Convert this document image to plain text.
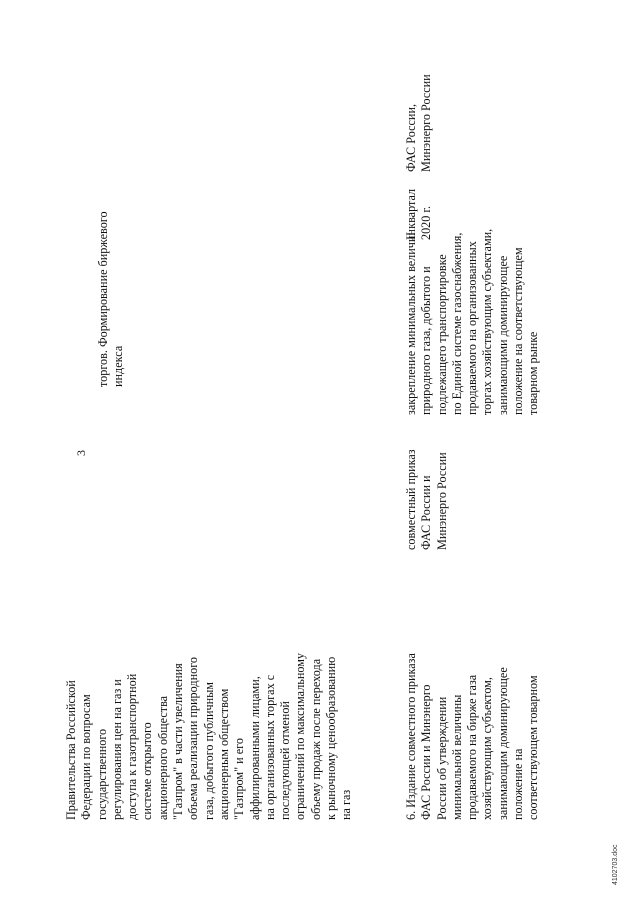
3
Правительства Российской Федерации по вопросам государственного регулирования цен на газ и доступа к газотранспортной системе открытого акционерного общества "Газпром" в части увеличения объема реализации природного газа, добытого публичным акционерным обществом "Газпром" и его аффилированными лицами, на организованных торгах с последующей отменой ограничений по максимальному объему продаж после перехода к рыночному ценообразованию на газ
торгов. Формирование биржевого индекса
6. Издание совместного приказа ФАС России и Минэнерго России об утверждении минимальной величины продаваемого на бирже газа хозяйствующим субъектом, занимающим доминирующее положение на соответствующем товарном
совместный приказ ФАС России и Минэнерго России
закрепление минимальных величин природного газа, добытого и подлежащего транспортировке по Единой системе газоснабжения, продаваемого на организованных торгах хозяйствующим субъектами, занимающими доминирующее положение на соответствующем товарном рынке
II квартал 2020 г.
ФАС России, Минэнерго России
4102703.doc
